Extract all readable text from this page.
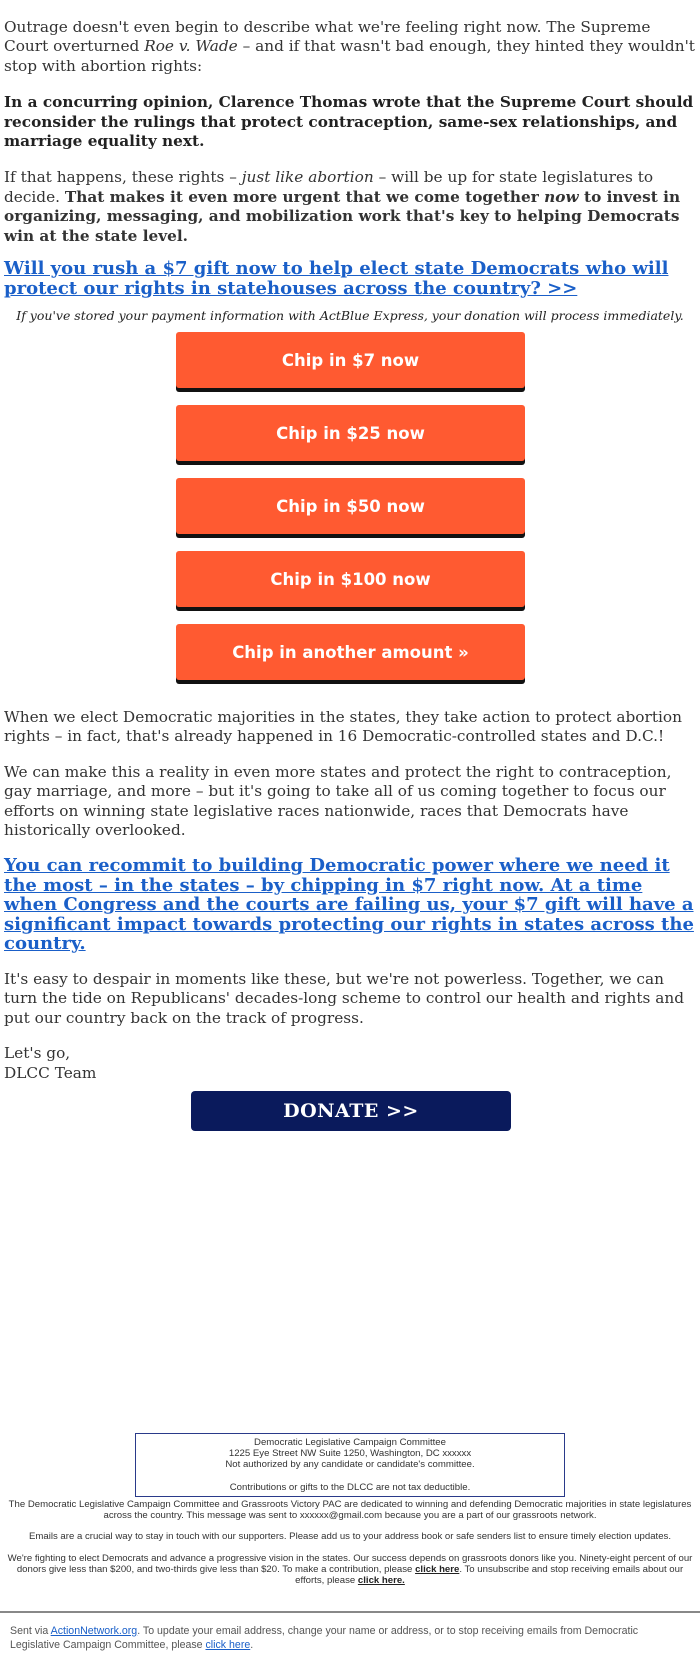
Outrage doesn't even begin to describe what we're feeling right now. The Supreme Court overturned Roe v. Wade – and if that wasn't bad enough, they hinted they wouldn't stop with abortion rights:

In a concurring opinion, Clarence Thomas wrote that the Supreme Court should reconsider the rulings that protect contraception, same-sex relationships, and marriage equality next.

If that happens, these rights – just like abortion – will be up for state legislatures to decide. That makes it even more urgent that we come together now to invest in organizing, messaging, and mobilization work that's key to helping Democrats win at the state level.

Will you rush a $7 gift now to help elect state Democrats who will protect our rights in statehouses across the country? >>

If you've stored your payment information with ActBlue Express, your donation will process immediately.

Chip in $7 now
Chip in $25 now
Chip in $50 now
Chip in $100 now
Chip in another amount »

When we elect Democratic majorities in the states, they take action to protect abortion rights – in fact, that's already happened in 16 Democratic-controlled states and D.C.!

We can make this a reality in even more states and protect the right to contraception, gay marriage, and more – but it's going to take all of us coming together to focus our efforts on winning state legislative races nationwide, races that Democrats have historically overlooked.

You can recommit to building Democratic power where we need it the most – in the states – by chipping in $7 right now. At a time when Congress and the courts are failing us, your $7 gift will have a significant impact towards protecting our rights in states across the country.

It's easy to despair in moments like these, but we're not powerless. Together, we can turn the tide on Republicans' decades-long scheme to control our health and rights and put our country back on the track of progress.

Let's go,

DLCC Team

DONATE >>
Democratic Legislative Campaign Committee
1225 Eye Street NW Suite 1250, Washington, DC xxxxxx
Not authorized by any candidate or candidate's committee.
Contributions or gifts to the DLCC are not tax deductible.
The Democratic Legislative Campaign Committee and Grassroots Victory PAC are dedicated to winning and defending Democratic majorities in state legislatures across the country. This message was sent to xxxxxx@gmail.com because you are a part of our grassroots network.
Emails are a crucial way to stay in touch with our supporters. Please add us to your address book or safe senders list to ensure timely election updates.
We're fighting to elect Democrats and advance a progressive vision in the states. Our success depends on grassroots donors like you. Ninety-eight percent of our donors give less than $200, and two-thirds give less than $20. To make a contribution, please click here. To unsubscribe and stop receiving emails about our efforts, please click here.
Sent via ActionNetwork.org. To update your email address, change your name or address, or to stop receiving emails from Democratic Legislative Campaign Committee, please click here.
